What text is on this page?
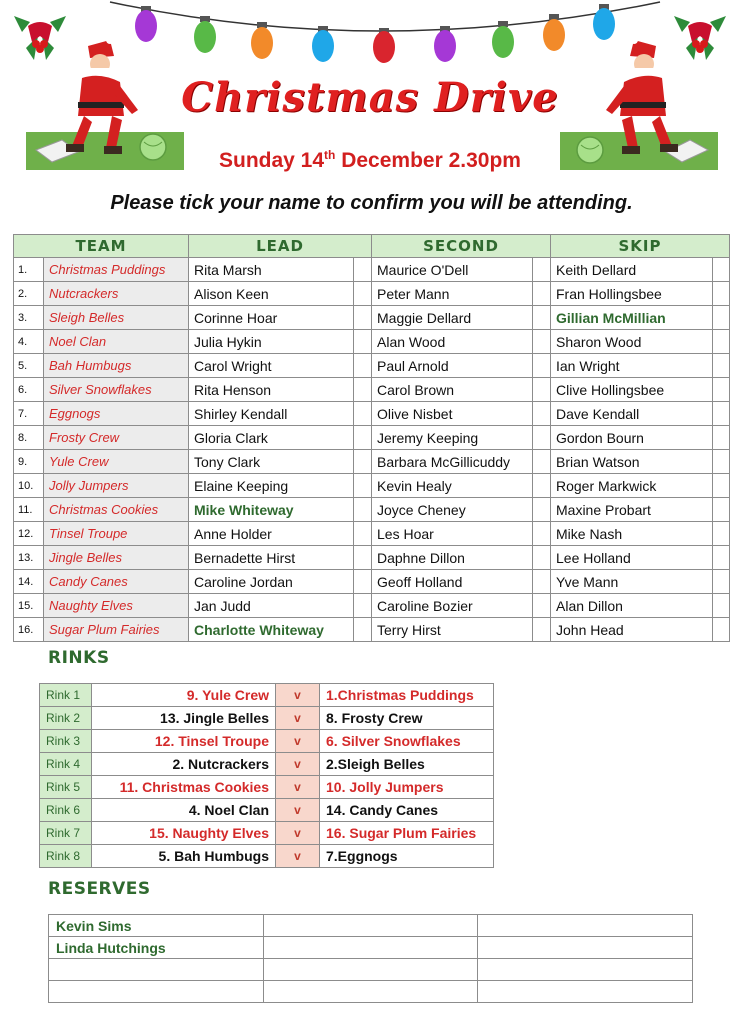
Christmas Drive
Sunday 14th December 2.30pm
Please tick your name to confirm you will be attending.
TEAM		LEAD		SECOND		SKIP	
1.	Christmas Puddings	Rita Marsh		Maurice O'Dell		Keith Dellard	
2.	Nutcrackers	Alison Keen		Peter Mann		Fran Hollingsbee	
3.	Sleigh Belles	Corinne Hoar		Maggie Dellard		Gillian McMillian	
4.	Noel Clan	Julia Hykin		Alan Wood		Sharon Wood	
5.	Bah Humbugs	Carol Wright		Paul Arnold		Ian Wright	
6.	Silver Snowflakes	Rita Henson		Carol Brown		Clive Hollingsbee	
7.	Eggnogs	Shirley Kendall		Olive Nisbet		Dave Kendall	
8.	Frosty Crew	Gloria Clark		Jeremy Keeping		Gordon Bourn	
9.	Yule Crew	Tony Clark		Barbara McGillicuddy		Brian Watson	
10.	Jolly Jumpers	Elaine Keeping		Kevin Healy		Roger Markwick	
11.	Christmas Cookies	Mike Whiteway		Joyce Cheney		Maxine Probart	
12.	Tinsel Troupe	Anne Holder		Les Hoar		Mike Nash	
13.	Jingle Belles	Bernadette Hirst		Daphne Dillon		Lee Holland	
14.	Candy Canes	Caroline Jordan		Geoff Holland		Yve Mann	
15.	Naughty Elves	Jan Judd		Caroline Bozier		Alan Dillon	
16.	Sugar Plum Fairies	Charlotte Whiteway		Terry Hirst		John Head	
RINKS
Rink 1	9. Yule Crew	v	1.Christmas Puddings
Rink 2	13. Jingle Belles	v	8. Frosty Crew
Rink 3	12. Tinsel Troupe	v	6. Silver Snowflakes
Rink 4	2. Nutcrackers	v	2.Sleigh Belles
Rink 5	11. Christmas Cookies	v	10. Jolly Jumpers
Rink 6	4. Noel Clan	v	14. Candy Canes
Rink 7	15. Naughty Elves	v	16. Sugar Plum Fairies
Rink 8	5. Bah Humbugs	v	7.Eggnogs
RESERVES
Kevin Sims		
Linda Hutchings		
